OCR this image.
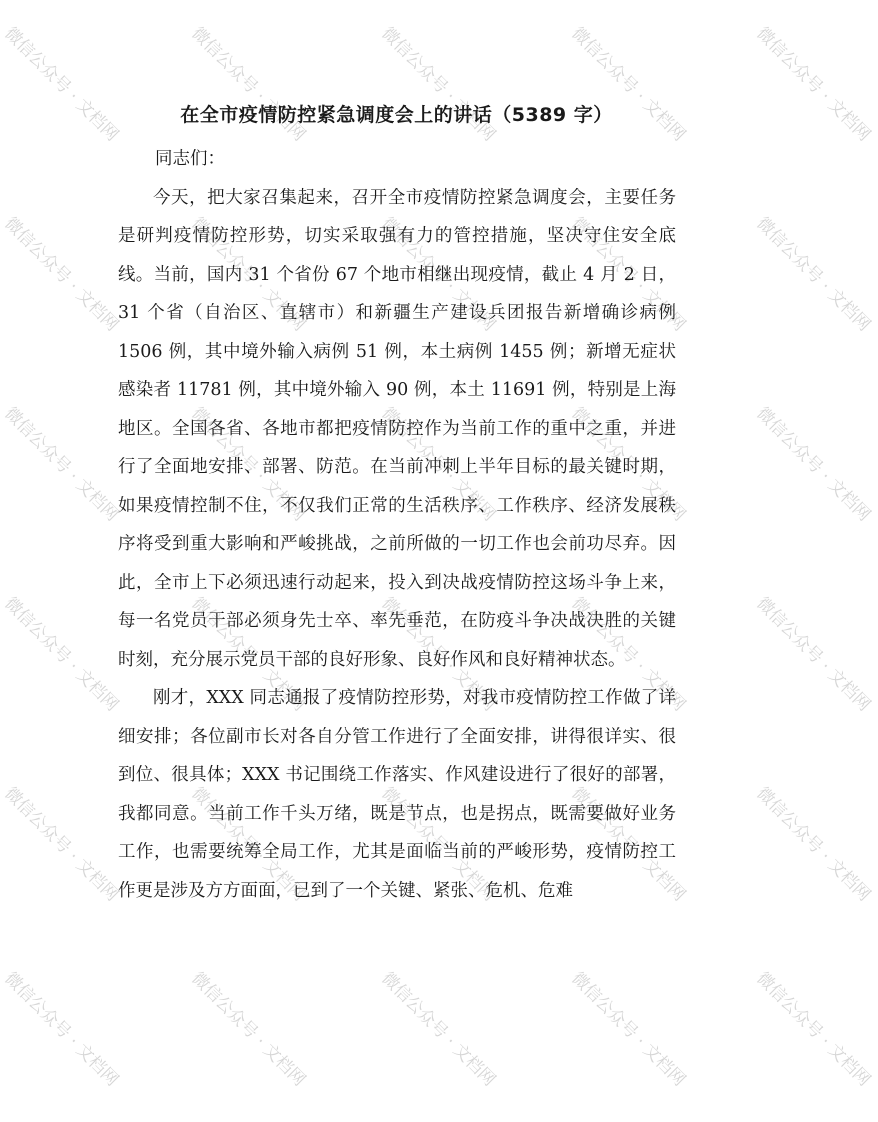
微信公众号 · 文档网	微信公众号 · 文档网	微信公众号 · 文档网	微信公众号 · 文档网	微信公众号 · 文档网
微信公众号 · 文档网	微信公众号 · 文档网	微信公众号 · 文档网	微信公众号 · 文档网	微信公众号 · 文档网
微信公众号 · 文档网	微信公众号 · 文档网	微信公众号 · 文档网	微信公众号 · 文档网	微信公众号 · 文档网
微信公众号 · 文档网	微信公众号 · 文档网	微信公众号 · 文档网	微信公众号 · 文档网	微信公众号 · 文档网
微信公众号 · 文档网	微信公众号 · 文档网	微信公众号 · 文档网	微信公众号 · 文档网	微信公众号 · 文档网
微信公众号 · 文档网	微信公众号 · 文档网	微信公众号 · 文档网	微信公众号 · 文档网	微信公众号 · 文档网
在全市疫情防控紧急调度会上的讲话（5389 字）

同志们：

今天，把大家召集起来，召开全市疫情防控紧急调度会，主要任务是研判疫情防控形势，切实采取强有力的管控措施，坚决守住安全底线。当前，国内 31 个省份 67 个地市相继出现疫情，截止 4 月 2 日，31 个省（自治区、直辖市）和新疆生产建设兵团报告新增确诊病例 1506 例，其中境外输入病例 51 例，本土病例 1455 例；新增无症状感染者 11781 例，其中境外输入 90 例，本土 11691 例，特别是上海地区。全国各省、各地市都把疫情防控作为当前工作的重中之重，并进行了全面地安排、部署、防范。在当前冲刺上半年目标的最关键时期，如果疫情控制不住，不仅我们正常的生活秩序、工作秩序、经济发展秩序将受到重大影响和严峻挑战，之前所做的一切工作也会前功尽弃。因此，全市上下必须迅速行动起来，投入到决战疫情防控这场斗争上来，每一名党员干部必须身先士卒、率先垂范，在防疫斗争决战决胜的关键时刻，充分展示党员干部的良好形象、良好作风和良好精神状态。

刚才，XXX 同志通报了疫情防控形势，对我市疫情防控工作做了详细安排；各位副市长对各自分管工作进行了全面安排，讲得很详实、很到位、很具体；XXX 书记围绕工作落实、作风建设进行了很好的部署，我都同意。当前工作千头万绪，既是节点，也是拐点，既需要做好业务工作，也需要统筹全局工作，尤其是面临当前的严峻形势，疫情防控工作更是涉及方方面面，已到了一个关键、紧张、危机、危难
